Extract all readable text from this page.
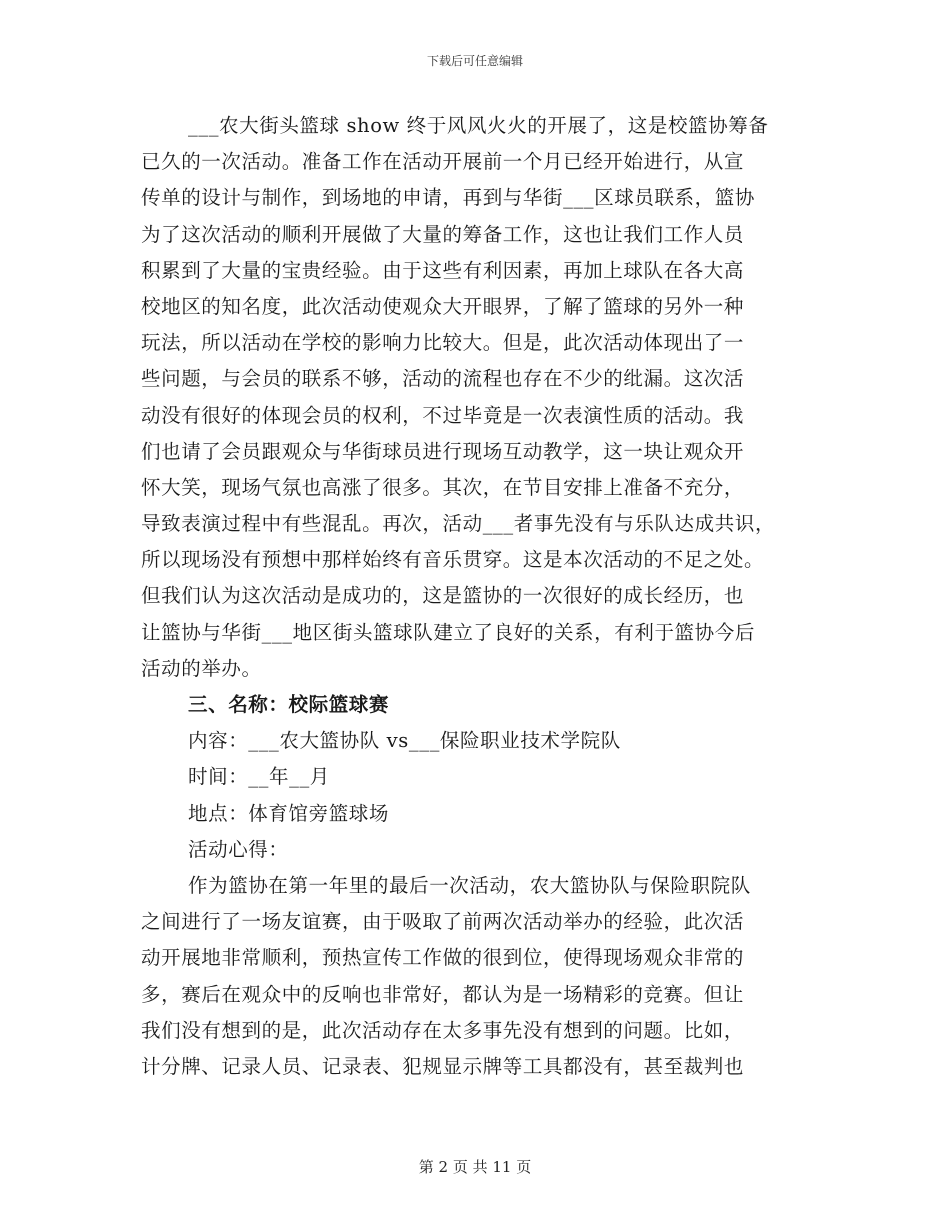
下载后可任意编辑
___农大街头篮球 show 终于风风火火的开展了，这是校篮协筹备
已久的一次活动。准备工作在活动开展前一个月已经开始进行，从宣
传单的设计与制作，到场地的申请，再到与华街___区球员联系，篮协
为了这次活动的顺利开展做了大量的筹备工作，这也让我们工作人员
积累到了大量的宝贵经验。由于这些有利因素，再加上球队在各大高
校地区的知名度，此次活动使观众大开眼界，了解了篮球的另外一种
玩法，所以活动在学校的影响力比较大。但是，此次活动体现出了一
些问题，与会员的联系不够，活动的流程也存在不少的纰漏。这次活
动没有很好的体现会员的权利，不过毕竟是一次表演性质的活动。我
们也请了会员跟观众与华街球员进行现场互动教学，这一块让观众开
怀大笑，现场气氛也高涨了很多。其次，在节目安排上准备不充分，
导致表演过程中有些混乱。再次，活动___者事先没有与乐队达成共识，
所以现场没有预想中那样始终有音乐贯穿。这是本次活动的不足之处。
但我们认为这次活动是成功的，这是篮协的一次很好的成长经历，也
让篮协与华街___地区街头篮球队建立了良好的关系，有利于篮协今后
活动的举办。
三、名称：校际篮球赛
内容：___农大篮协队 vs___保险职业技术学院队
时间：__年__月
地点：体育馆旁篮球场
活动心得：
作为篮协在第一年里的最后一次活动，农大篮协队与保险职院队
之间进行了一场友谊赛，由于吸取了前两次活动举办的经验，此次活
动开展地非常顺利，预热宣传工作做的很到位，使得现场观众非常的
多，赛后在观众中的反响也非常好，都认为是一场精彩的竞赛。但让
我们没有想到的是，此次活动存在太多事先没有想到的问题。比如，
计分牌、记录人员、记录表、犯规显示牌等工具都没有，甚至裁判也
第 2 页 共 11 页
